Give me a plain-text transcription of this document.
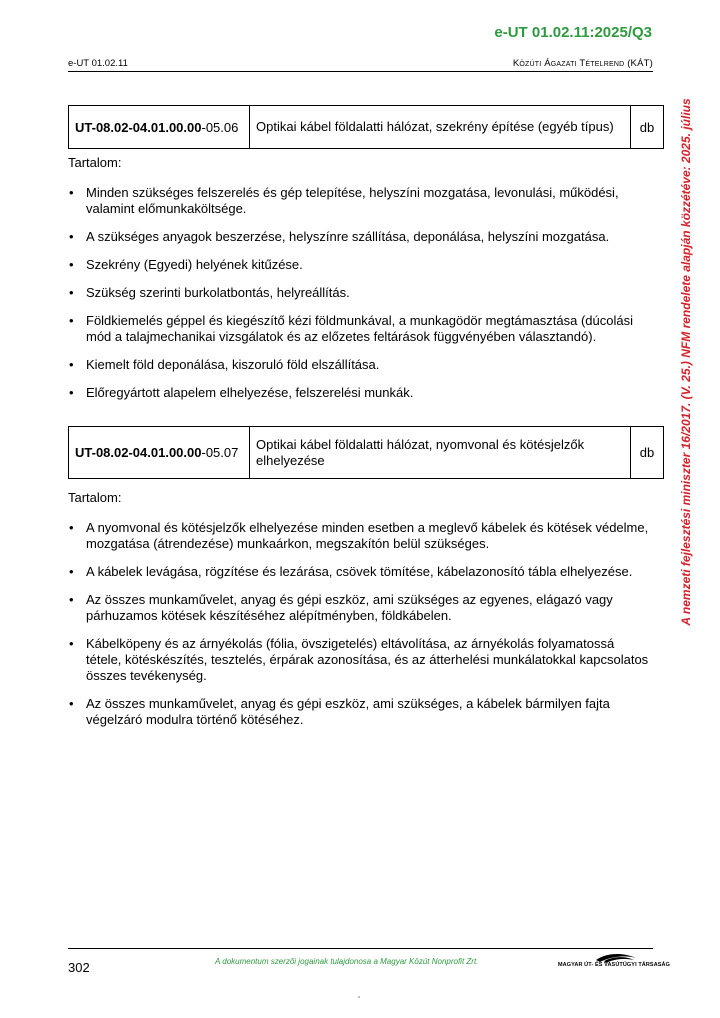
e-UT 01.02.11:2025/Q3
e-UT 01.02.11	Közúti Ágazati Tételrend (KÁT)
A nemzeti fejlesztési miniszter 16/2017. (V. 25.) NFM rendelete alapján közzétéve: 2025. július
UT-08.02-04.01.00.00-05.06	Optikai kábel földalatti hálózat, szekrény építése (egyéb típus)	db

Tartalom:

• Minden szükséges felszerelés és gép telepítése, helyszíni mozgatása, levonulási, működési, valamint előmunkaköltsége.
• A szükséges anyagok beszerzése, helyszínre szállítása, deponálása, helyszíni mozgatása.
• Szekrény (Egyedi) helyének kitűzése.
• Szükség szerinti burkolatbontás, helyreállítás.
• Földkiemelés géppel és kiegészítő kézi földmunkával, a munkagödör megtámasztása (dúcolási mód a talajmechanikai vizsgálatok és az előzetes feltárások függvényében választandó).
• Kiemelt föld deponálása, kiszoruló föld elszállítása.
• Előregyártott alapelem elhelyezése, felszerelési munkák.
UT-08.02-04.01.00.00-05.07	Optikai kábel földalatti hálózat, nyomvonal és kötésjelzők elhelyezése	db

Tartalom:

• A nyomvonal és kötésjelzők elhelyezése minden esetben a meglevő kábelek és kötések védelme, mozgatása (átrendezése) munkaárkon, megszakítón belül szükséges.
• A kábelek levágása, rögzítése és lezárása, csövek tömítése, kábelazonosító tábla elhelyezése.
• Az összes munkaművelet, anyag és gépi eszköz, ami szükséges az egyenes, elágazó vagy párhuzamos kötések készítéséhez alépítményben, földkábelen.
• Kábelköpeny és az árnyékolás (fólia, övszigetelés) eltávolítása, az árnyékolás folyamatossá tétele, kötéskészítés, tesztelés, érpárak azonosítása, és az átterhelési munkálatokkal kapcsolatos összes tevékenység.
• Az összes munkaművelet, anyag és gépi eszköz, ami szükséges, a kábelek bármilyen fajta végelzáró modulra történő kötéséhez.
302	A dokumentum szerzői jogainak tulajdonosa a Magyar Közút Nonprofit Zrt.	MAGYAR ÚT- ÉS VASÚTÜGYI TÁRSASÁG
